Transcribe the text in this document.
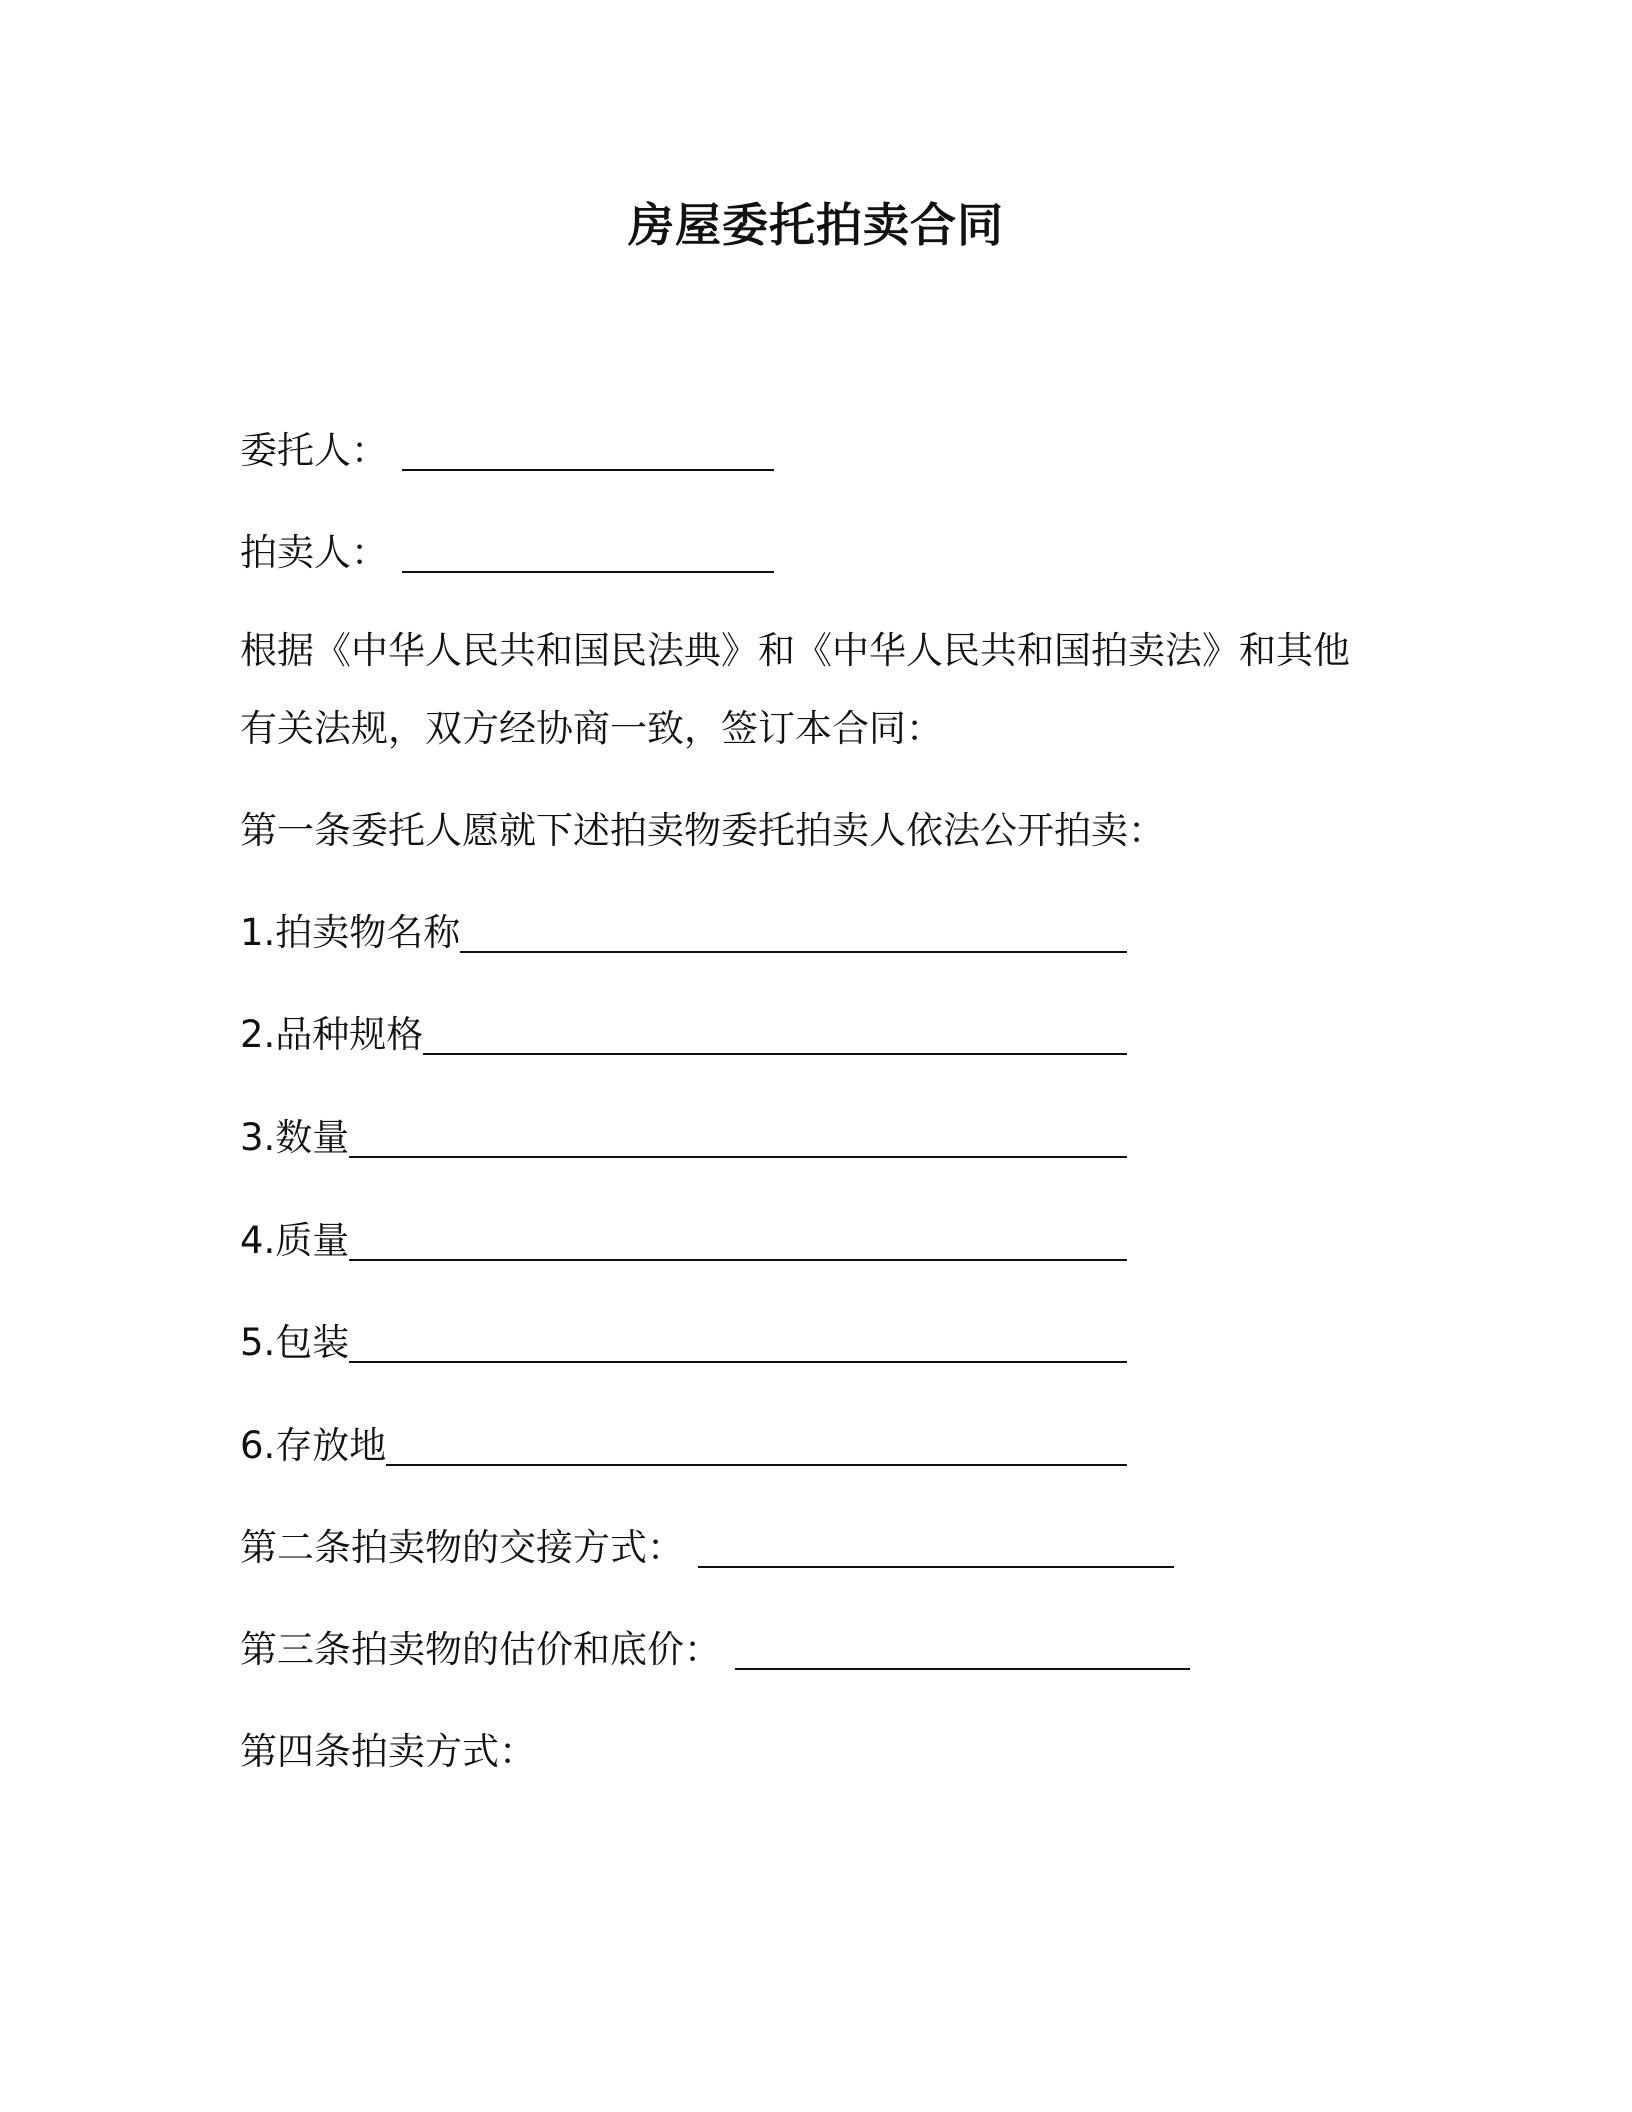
房屋委托拍卖合同
委托人：
拍卖人：
根据《中华人民共和国民法典》和《中华人民共和国拍卖法》和其他
有关法规，双方经协商一致，签订本合同：
第一条委托人愿就下述拍卖物委托拍卖人依法公开拍卖：
1.拍卖物名称
2.品种规格
3.数量
4.质量
5.包装
6.存放地
第二条拍卖物的交接方式：
第三条拍卖物的估价和底价：
第四条拍卖方式：
